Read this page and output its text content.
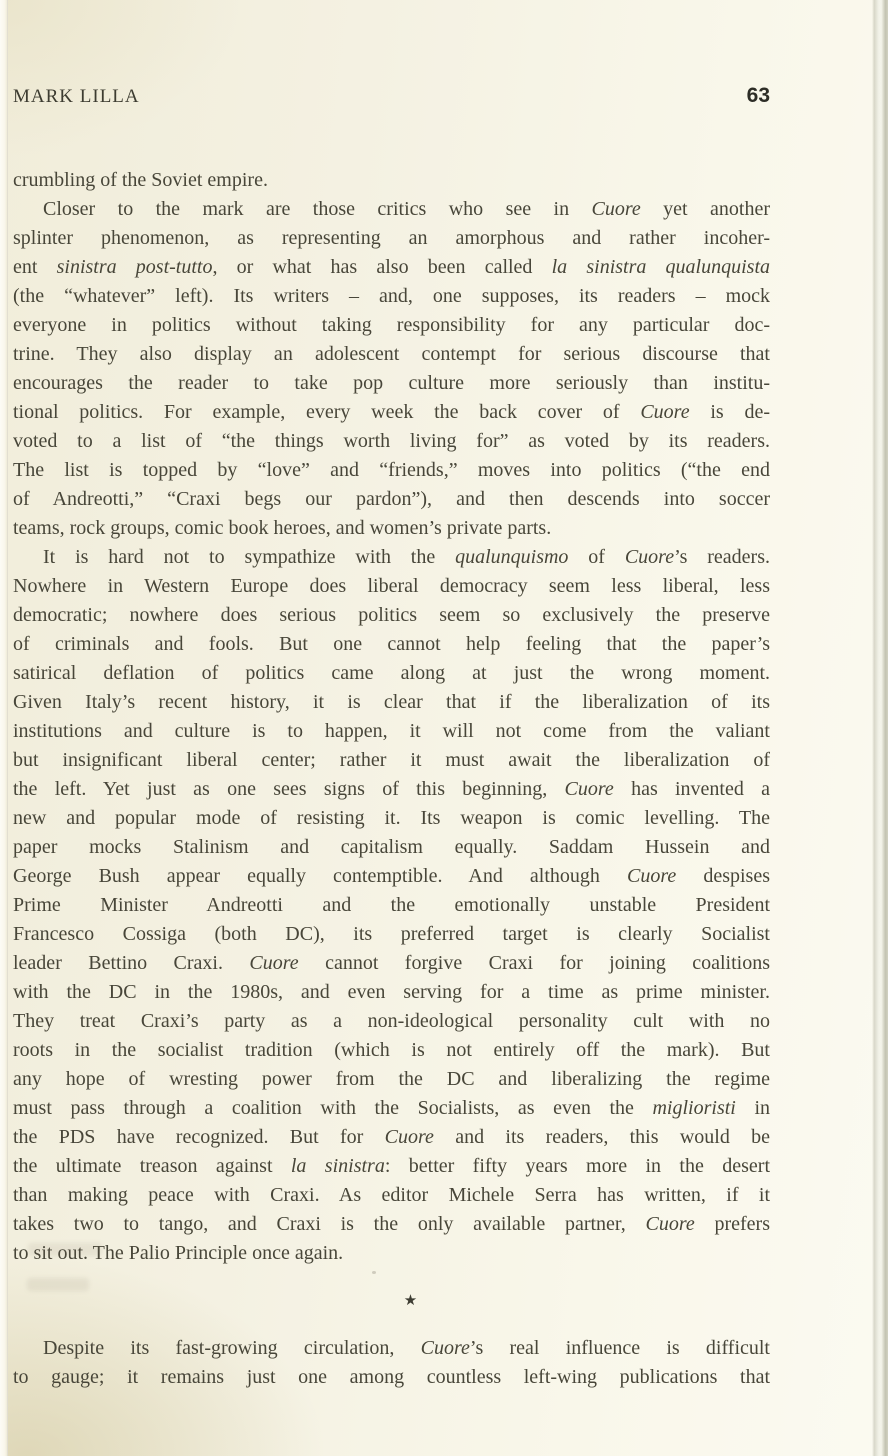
MARK LILLA	63
crumbling of the Soviet empire.
Closer to the mark are those critics who see in Cuore yet another
splinter phenomenon, as representing an amorphous and rather incoher-
ent sinistra post-tutto, or what has also been called la sinistra qualunquista
(the “whatever” left). Its writers – and, one supposes, its readers – mock
everyone in politics without taking responsibility for any particular doc-
trine. They also display an adolescent contempt for serious discourse that
encourages the reader to take pop culture more seriously than institu-
tional politics. For example, every week the back cover of Cuore is de-
voted to a list of “the things worth living for” as voted by its readers.
The list is topped by “love” and “friends,” moves into politics (“the end
of Andreotti,” “Craxi begs our pardon”), and then descends into soccer
teams, rock groups, comic book heroes, and women’s private parts.
It is hard not to sympathize with the qualunquismo of Cuore’s readers.
Nowhere in Western Europe does liberal democracy seem less liberal, less
democratic; nowhere does serious politics seem so exclusively the preserve
of criminals and fools. But one cannot help feeling that the paper’s
satirical deflation of politics came along at just the wrong moment.
Given Italy’s recent history, it is clear that if the liberalization of its
institutions and culture is to happen, it will not come from the valiant
but insignificant liberal center; rather it must await the liberalization of
the left. Yet just as one sees signs of this beginning, Cuore has invented a
new and popular mode of resisting it. Its weapon is comic levelling. The
paper mocks Stalinism and capitalism equally. Saddam Hussein and
George Bush appear equally contemptible. And although Cuore despises
Prime Minister Andreotti and the emotionally unstable President
Francesco Cossiga (both DC), its preferred target is clearly Socialist
leader Bettino Craxi. Cuore cannot forgive Craxi for joining coalitions
with the DC in the 1980s, and even serving for a time as prime minister.
They treat Craxi’s party as a non-ideological personality cult with no
roots in the socialist tradition (which is not entirely off the mark). But
any hope of wresting power from the DC and liberalizing the regime
must pass through a coalition with the Socialists, as even the miglioristi in
the PDS have recognized. But for Cuore and its readers, this would be
the ultimate treason against la sinistra: better fifty years more in the desert
than making peace with Craxi. As editor Michele Serra has written, if it
takes two to tango, and Craxi is the only available partner, Cuore prefers
to sit out. The Palio Principle once again.
★
Despite its fast-growing circulation, Cuore’s real influence is difficult
to gauge; it remains just one among countless left-wing publications that
